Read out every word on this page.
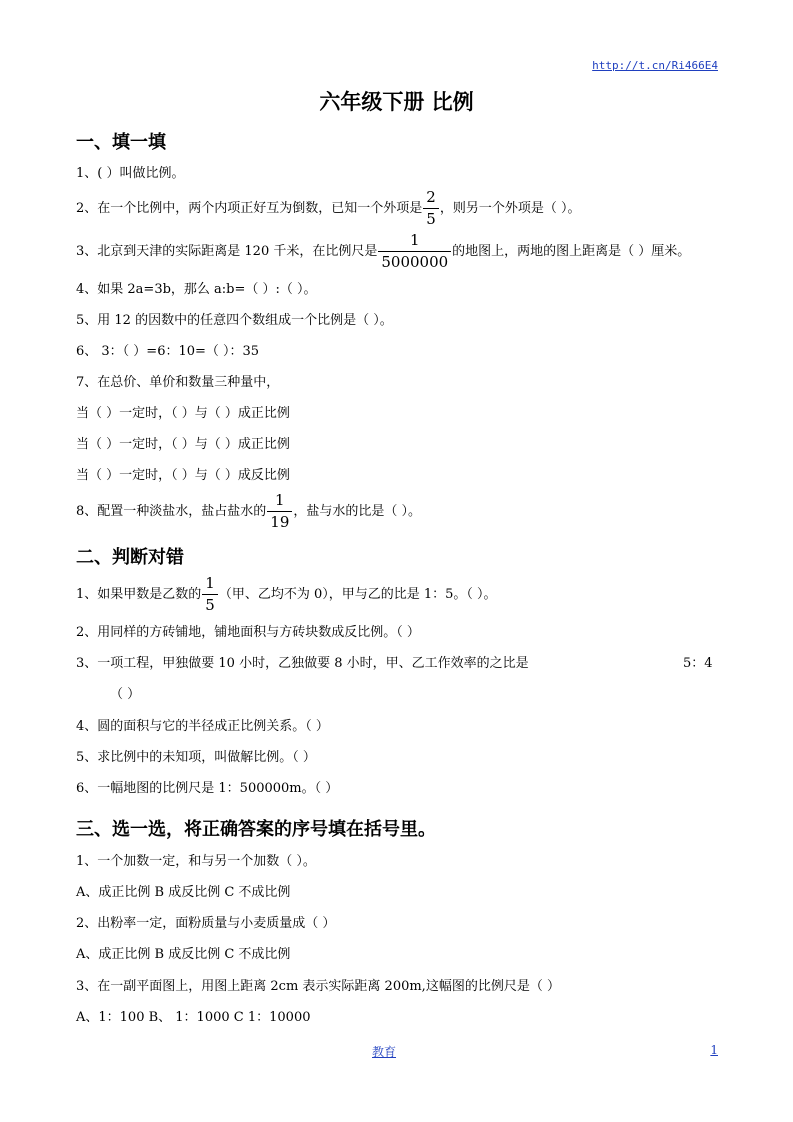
http://t.cn/Ri466E4
六年级下册 比例
一、填一填
1、( ）叫做比例。
2、在一个比例中，两个内项正好互为倒数，已知一个外项是 $\frac{2}{5}$ ，则另一个外项是（ ）。
3、北京到天津的实际距离是 120 千米，在比例尺是 $\frac{1}{5000000}$ 的地图上，两地的图上距离是（ ）厘米。
4、如果 2a=3b，那么 a:b=（ ）:（ ）。
5、用 12 的因数中的任意四个数组成一个比例是（ ）。
6、 3：（ ）=6：10=（ ）：35
7、在总价、单价和数量三种量中，
当（ ）一定时，（ ）与（ ）成正比例
当（ ）一定时，（ ）与（ ）成正比例
当（ ）一定时，（ ）与（ ）成反比例
8、配置一种淡盐水，盐占盐水的 $\frac{1}{19}$ ，盐与水的比是（ ）。
二、判断对错
1、如果甲数是乙数的 $\frac{1}{5}$ （甲、乙均不为 0），甲与乙的比是 1：5。（ ）。
2、用同样的方砖铺地，铺地面积与方砖块数成反比例。（ ）
3、一项工程，甲独做要 10 小时，乙独做要 8 小时，甲、乙工作效率的之比是	5：4
（ ）
4、圆的面积与它的半径成正比例关系。（ ）
5、求比例中的未知项，叫做解比例。（ ）
6、一幅地图的比例尺是 1：500000m。（ ）
三、选一选，将正确答案的序号填在括号里。
1、一个加数一定，和与另一个加数（ ）。
A、成正比例 B 成反比例 C 不成比例
2、出粉率一定，面粉质量与小麦质量成（ ）
A、成正比例 B 成反比例 C 不成比例
3、在一副平面图上，用图上距离 2cm 表示实际距离 200m,这幅图的比例尺是（ ）
A、1：100 B、 1：1000 C 1：10000
教育	1
